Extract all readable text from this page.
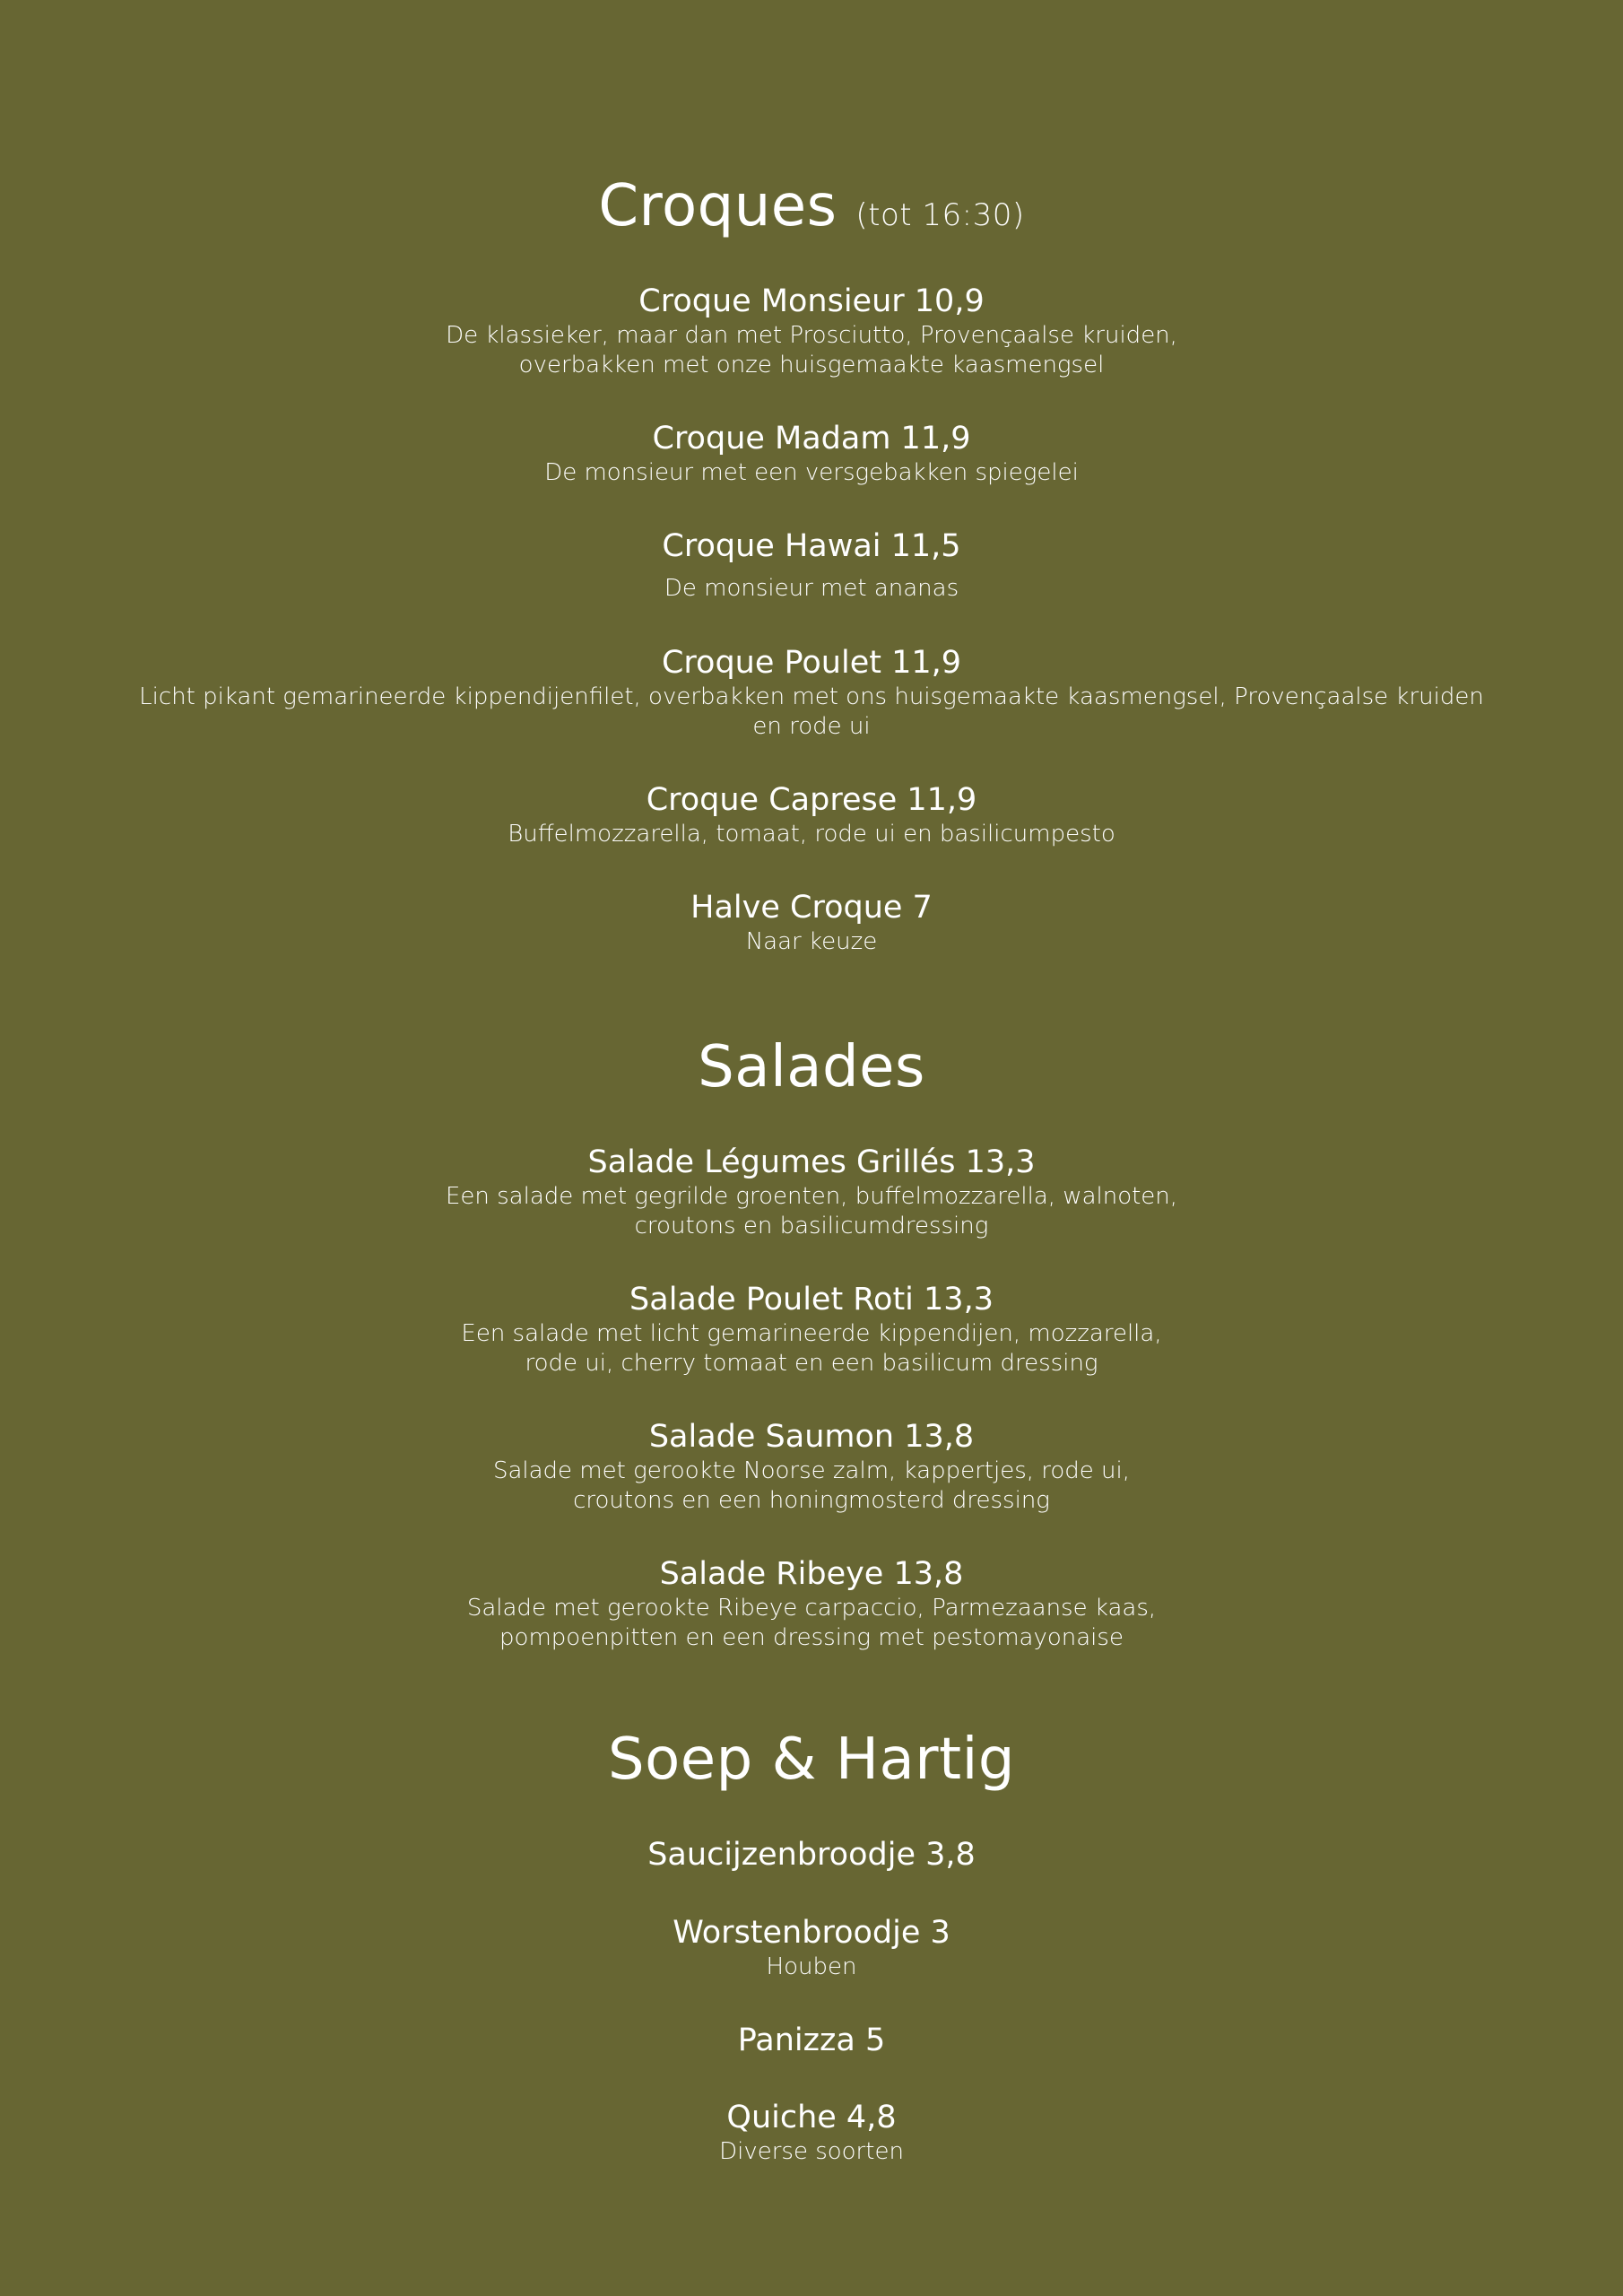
Croques (tot 16:30)
Croque Monsieur 10,9
De klassieker, maar dan met Prosciutto, Provençaalse kruiden,
overbakken met onze huisgemaakte kaasmengsel
Croque Madam 11,9
De monsieur met een versgebakken spiegelei
Croque Hawai 11,5
De monsieur met ananas
Croque Poulet 11,9
Licht pikant gemarineerde kippendijenfilet, overbakken met ons huisgemaakte kaasmengsel, Provençaalse kruiden
en rode ui
Croque Caprese 11,9
Buffelmozzarella, tomaat, rode ui en basilicumpesto
Halve Croque 7
Naar keuze
Salades
Salade Légumes Grillés 13,3
Een salade met gegrilde groenten, buffelmozzarella, walnoten,
croutons en basilicumdressing
Salade Poulet Roti 13,3
Een salade met licht gemarineerde kippendijen, mozzarella,
rode ui, cherry tomaat en een basilicum dressing
Salade Saumon 13,8
Salade met gerookte Noorse zalm, kappertjes, rode ui,
croutons en een honingmosterd dressing
Salade Ribeye 13,8
Salade met gerookte Ribeye carpaccio, Parmezaanse kaas,
pompoenpitten en een dressing met pestomayonaise
Soep & Hartig
Saucijzenbroodje 3,8
Worstenbroodje 3
Houben
Panizza 5
Quiche 4,8
Diverse soorten
